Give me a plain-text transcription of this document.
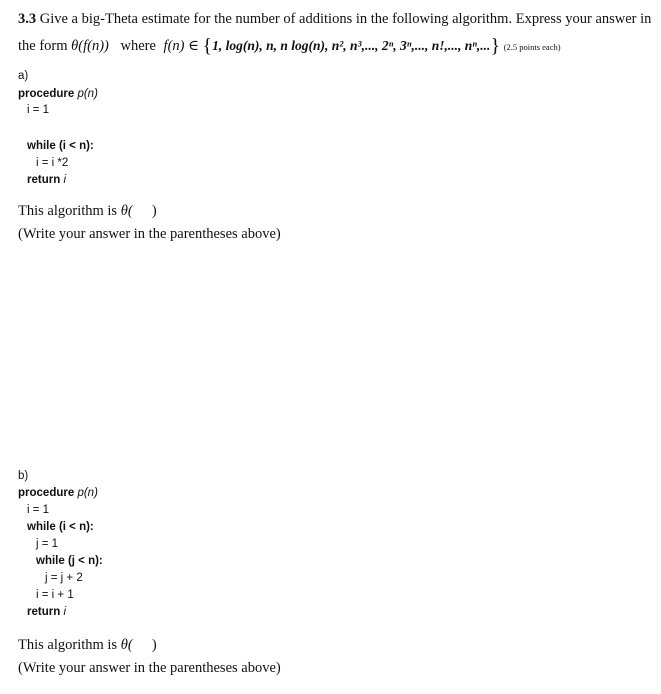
3.3 Give a big-Theta estimate for the number of additions in the following algorithm. Express your answer in
the form θ(f(n)) where f(n) ∈ {1, log(n), n, n log(n), n², n³,..., 2ⁿ, 3ⁿ,..., n!,..., nⁿ,...} (2.5 points each)
a)
procedure p(n)
i = 1
while (i < n):
i = i *2
return i
This algorithm is θ( )
(Write your answer in the parentheses above)
b)
procedure p(n)
i = 1
while (i < n):
j = 1
while (j < n):
j = j + 2
i = i + 1
return i
This algorithm is θ( )
(Write your answer in the parentheses above)
